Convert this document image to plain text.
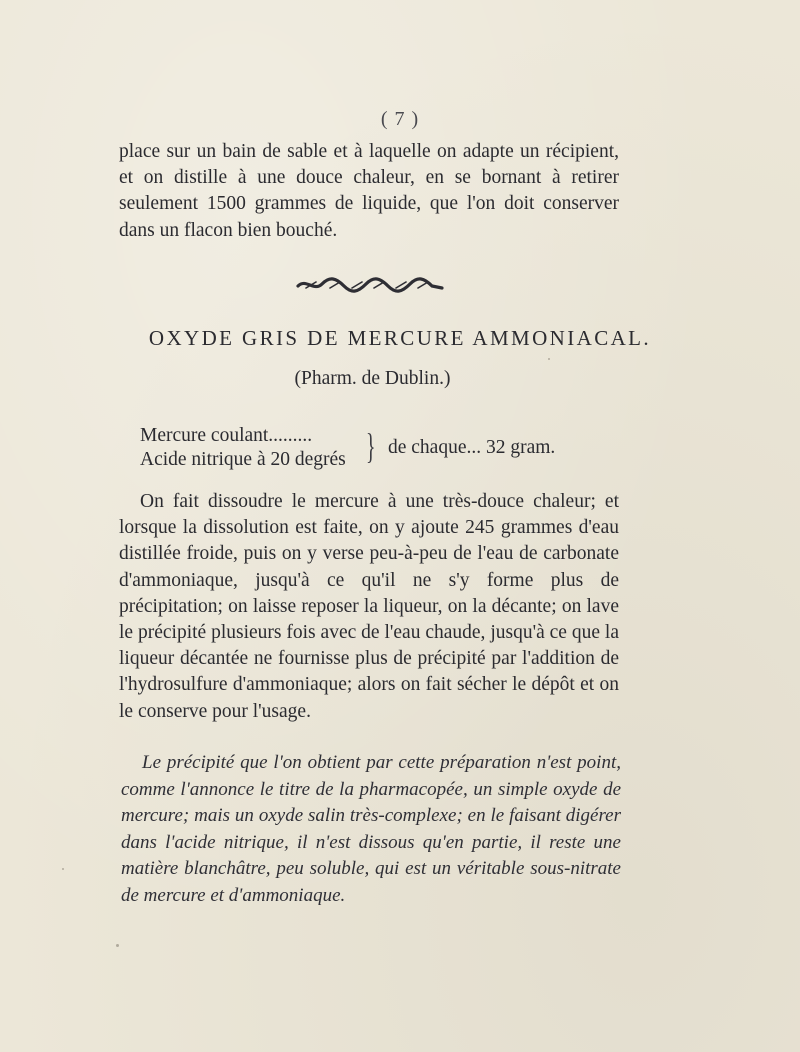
( 7 )
place sur un bain de sable et à laquelle on adapte un récipient, et on distille à une douce chaleur, en se bornant à retirer seulement 1500 grammes de liquide, que l'on doit conserver dans un flacon bien bouché.
OXYDE GRIS DE MERCURE AMMONIACAL.
(Pharm. de Dublin.)
Mercure coulant.........
Acide nitrique à 20 degrés } de chaque... 32 gram.
On fait dissoudre le mercure à une très-douce chaleur; et lorsque la dissolution est faite, on y ajoute 245 grammes d'eau distillée froide, puis on y verse peu-à-peu de l'eau de carbonate d'ammoniaque, jusqu'à ce qu'il ne s'y forme plus de précipitation; on laisse reposer la liqueur, on la décante; on lave le précipité plusieurs fois avec de l'eau chaude, jusqu'à ce que la liqueur décantée ne fournisse plus de précipité par l'addition de l'hydrosulfure d'ammoniaque; alors on fait sécher le dépôt et on le conserve pour l'usage.
Le précipité que l'on obtient par cette préparation n'est point, comme l'annonce le titre de la pharmacopée, un simple oxyde de mercure; mais un oxyde salin très-complexe; en le faisant digérer dans l'acide nitrique, il n'est dissous qu'en partie, il reste une matière blanchâtre, peu soluble, qui est un véritable sous-nitrate de mercure et d'ammoniaque.
